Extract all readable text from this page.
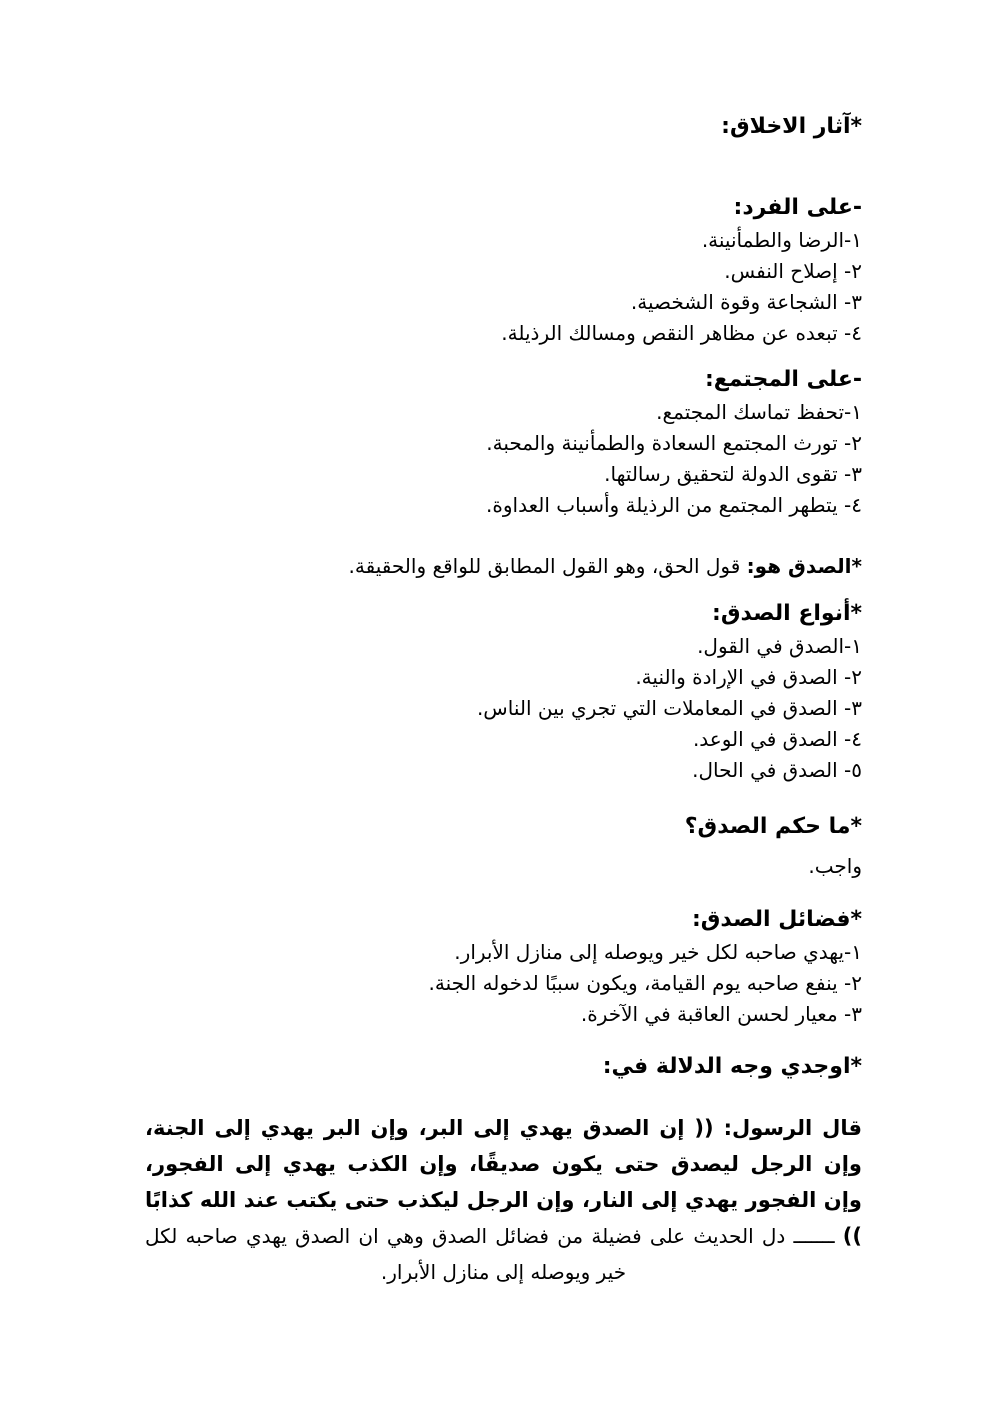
*آثار الاخلاق:
-على الفرد:
١-الرضا والطمأنينة.
٢- إصلاح النفس.
٣- الشجاعة وقوة الشخصية.
٤- تبعده عن مظاهر النقص ومسالك الرذيلة.
-على المجتمع:
١-تحفظ تماسك المجتمع.
٢- تورث المجتمع السعادة والطمأنينة والمحبة.
٣- تقوى الدولة لتحقيق رسالتها.
٤- يتطهر المجتمع من الرذيلة وأسباب العداوة.
*الصدق هو: قول الحق، وهو القول المطابق للواقع والحقيقة.
*أنواع الصدق:
١-الصدق في القول.
٢- الصدق في الإرادة والنية.
٣- الصدق في المعاملات التي تجري بين الناس.
٤- الصدق في الوعد.
٥- الصدق في الحال.
*ما حكم الصدق؟
واجب.
*فضائل الصدق:
١-يهدي صاحبه لكل خير ويوصله إلى منازل الأبرار.
٢- ينفع صاحبه يوم القيامة، ويكون سببًا لدخوله الجنة.
٣- معيار لحسن العاقبة في الآخرة.
*اوجدي وجه الدلالة في:
قال الرسول: (( إن الصدق يهدي إلى البر، وإن البر يهدي إلى الجنة، وإن الرجل ليصدق حتى يكون صديقًا، وإن الكذب يهدي إلى الفجور، وإن الفجور يهدي إلى النار، وإن الرجل ليكذب حتى يكتب عند الله كذابًا )) ـــــــ دل الحديث على فضيلة من فضائل الصدق وهي ان الصدق يهدي صاحبه لكل خير ويوصله إلى منازل الأبرار.
